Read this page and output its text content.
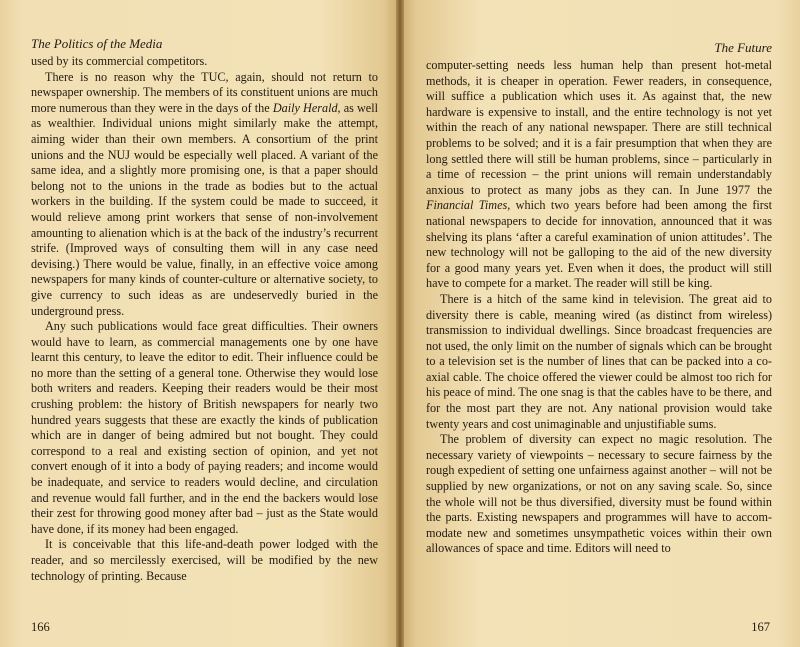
The Politics of the Media

used by its commercial competitors.

There is no reason why the TUC, again, should not return to newspaper ownership. The members of its constituent unions are much more numerous than they were in the days of the Daily Herald, as well as wealthier. Individual unions might similarly make the attempt, aiming wider than their own members. A consortium of the print unions and the NUJ would be especially well placed. A variant of the same idea, and a slightly more promising one, is that a paper should belong not to the unions in the trade as bodies but to the actual workers in the building. If the system could be made to succeed, it would relieve among print workers that sense of non-involvement amounting to alienation which is at the back of the industry’s recurrent strife. (Improved ways of consulting them will in any case need devising.) There would be value, finally, in an effective voice among newspapers for many kinds of counter-culture or alternative society, to give currency to such ideas as are undeservedly buried in the underground press.

Any such publications would face great difficulties. Their owners would have to learn, as commercial managements one by one have learnt this century, to leave the editor to edit. Their influence could be no more than the setting of a general tone. Otherwise they would lose both writers and readers. Keeping their readers would be their most crushing problem: the history of British newspapers for nearly two hundred years suggests that these are exactly the kinds of publication which are in danger of being admired but not bought. They could correspond to a real and existing section of opinion, and yet not convert enough of it into a body of paying readers; and income would be inadequate, and service to readers would decline, and circulation and revenue would fall further, and in the end the backers would lose their zest for throwing good money after bad – just as the State would have done, if its money had been engaged.

It is conceivable that this life-and-death power lodged with the reader, and so mercilessly exercised, will be modified by the new technology of printing. Because

166
The Future

computer-setting needs less human help than present hot-metal methods, it is cheaper in operation. Fewer readers, in consequence, will suffice a publication which uses it. As against that, the new hardware is expensive to install, and the entire technology is not yet within the reach of any national newspaper. There are still technical problems to be solved; and it is a fair presumption that when they are long settled there will still be human problems, since – particularly in a time of recession – the print unions will remain understandably anxious to protect as many jobs as they can. In June 1977 the Financial Times, which two years before had been among the first national newspapers to decide for innovation, announced that it was shelving its plans ‘after a careful examination of union attitudes’. The new technology will not be galloping to the aid of the new diversity for a good many years yet. Even when it does, the product will still have to compete for a market. The reader will still be king.

There is a hitch of the same kind in television. The great aid to diversity there is cable, meaning wired (as distinct from wireless) transmission to individual dwellings. Since broadcast frequencies are not used, the only limit on the number of signals which can be brought to a television set is the number of lines that can be packed into a co-axial cable. The choice offered the viewer could be almost too rich for his peace of mind. The one snag is that the cables have to be there, and for the most part they are not. Any national provision would take twenty years and cost unimaginable and unjustifiable sums.

The problem of diversity can expect no magic resolution. The necessary variety of viewpoints – necessary to secure fairness by the rough expedient of setting one unfairness against another – will not be supplied by new organizations, or not on any saving scale. So, since the whole will not be thus diversified, diversity must be found within the parts. Existing newspapers and programmes will have to accommodate new and sometimes unsympathetic voices within their own allowances of space and time. Editors will need to

167
